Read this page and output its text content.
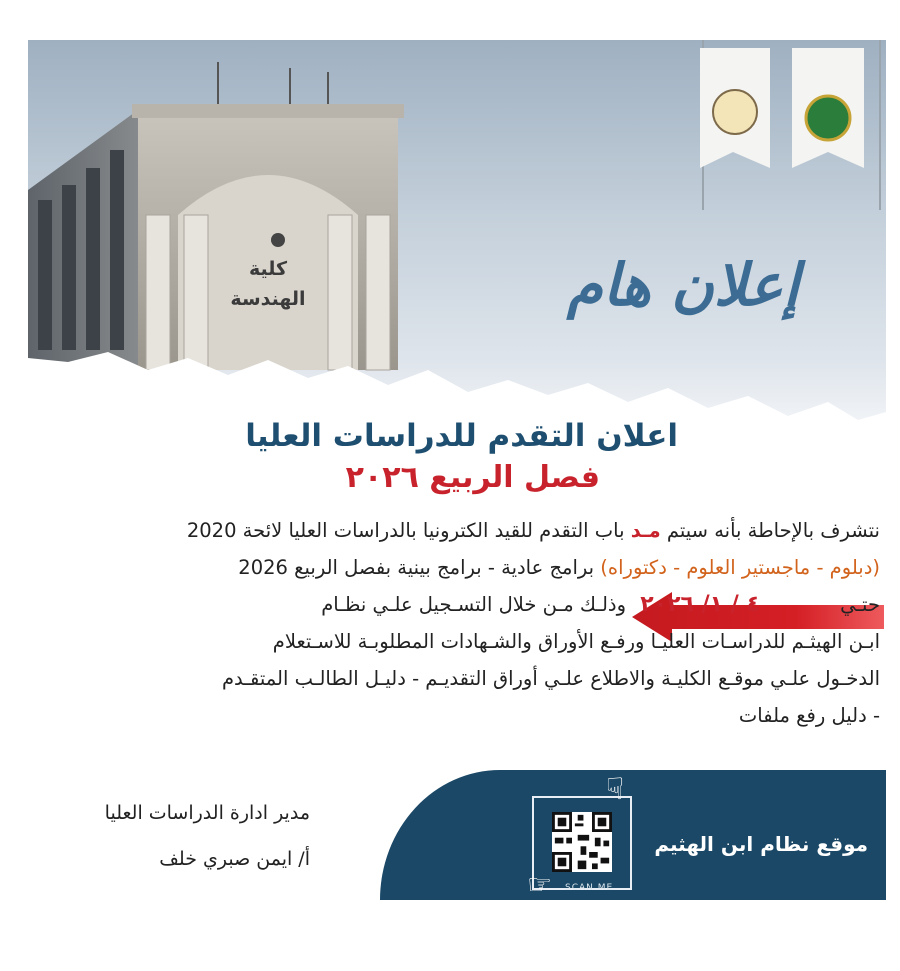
كلية
الهندسة	إعلان هام
اعلان التقدم للدراسات العليا
فصل الربيع ٢٠٢٦

نتشرف بالإحاطة بأنه سيتم مـد باب التقدم للقيد الكترونيا بالدراسات العليا لائحة 2020

(دبلوم - ماجستير العلوم - دكتوراه) برامج عادية - برامج بينية بفصل الربيع 2026

حتـي ٤ / ١/ ٢٠٢٦ وذلـك مـن خلال التسـجيل علـي نظـام

ابـن الهيثـم للدراسـات العليـا ورفـع الأوراق والشـهادات المطلوبـة للاسـتعلام

الدخـول علـي موقـع الكليـة والاطلاع علـي أوراق التقديـم - دليـل الطالـب المتقـدم

- دليل رفع ملفات

مدير ادارة الدراسات العليا

أ/ ايمن صبري خلف

☟
☞ SCAN ME
موقع نظام ابن الهثيم
